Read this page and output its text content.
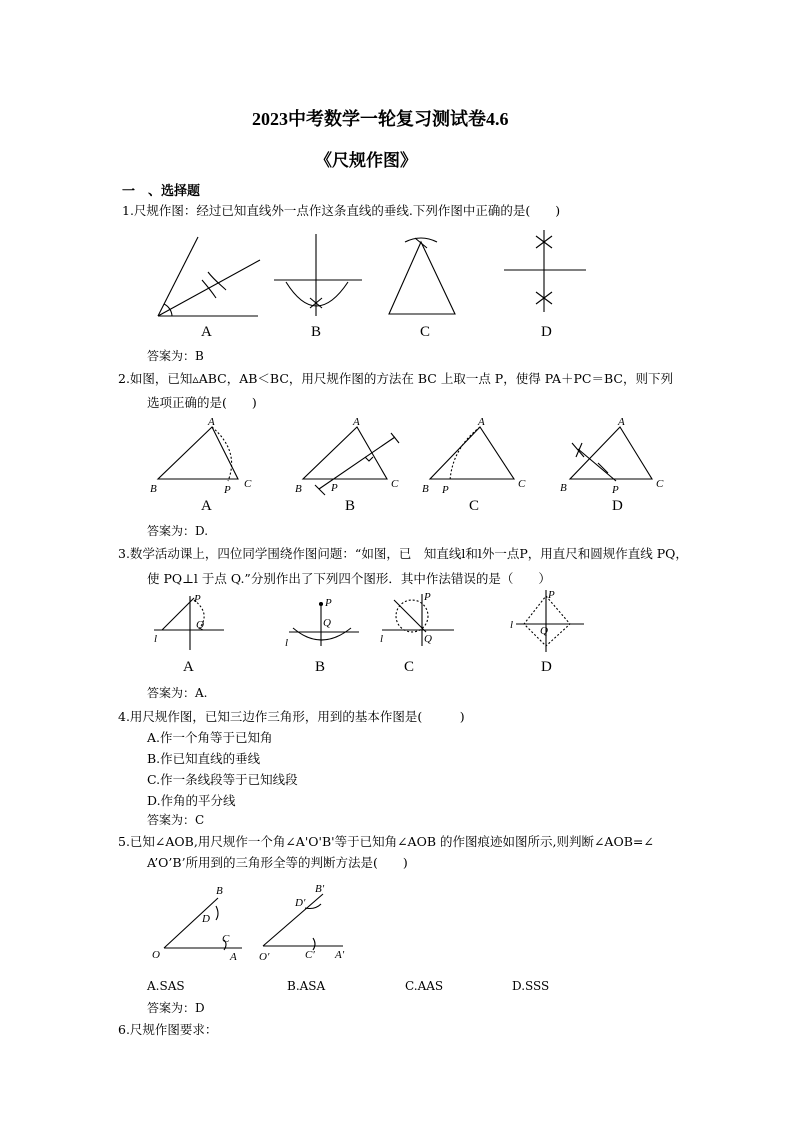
2023中考数学一轮复习测试卷4.6
《尺规作图》
一　、选择题
1.尺规作图：经过已知直线外一点作这条直线的垂线.下列作图中正确的是(　　)
A	B	C	D
答案为：B
2.如图，已知▵ABC，AB＜BC，用尺规作图的方法在 BC 上取一点 P，使得 PA＋PC＝BC，则下列
选项正确的是(　　)
B
A
C
P	B
A
C
P	B
A
C
P	B
A
C
P
A	B	C	D
答案为：D.
3.数学活动课上，四位同学围绕作图问题：“如图，已　知直线l和l外一点P，用直尺和圆规作直线 PQ，
使 PQ⊥l 于点 Q.”分别作出了下列四个图形．其中作法错误的是（　　）
P
Q
l
P
Q
l
P
Q
l
P
Q
l
A	B	C	D
答案为：A.
4.用尺规作图，已知三边作三角形，用到的基本作图是(　　　)
A.作一个角等于已知角
B.作已知直线的垂线
C.作一条线段等于已知线段
D.作角的平分线
答案为：C
5.已知∠AOB,用尺规作一个角∠A'O'B'等于已知角∠AOB 的作图痕迹如图所示,则判断∠AOB=∠
A’O’B’所用到的三角形全等的判断方法是(　　)
O	A
B
C
D
O′	A′
B′
C′
D′
A.SAS	B.ASA	C.AAS	D.SSS
答案为：D
6.尺规作图要求：
